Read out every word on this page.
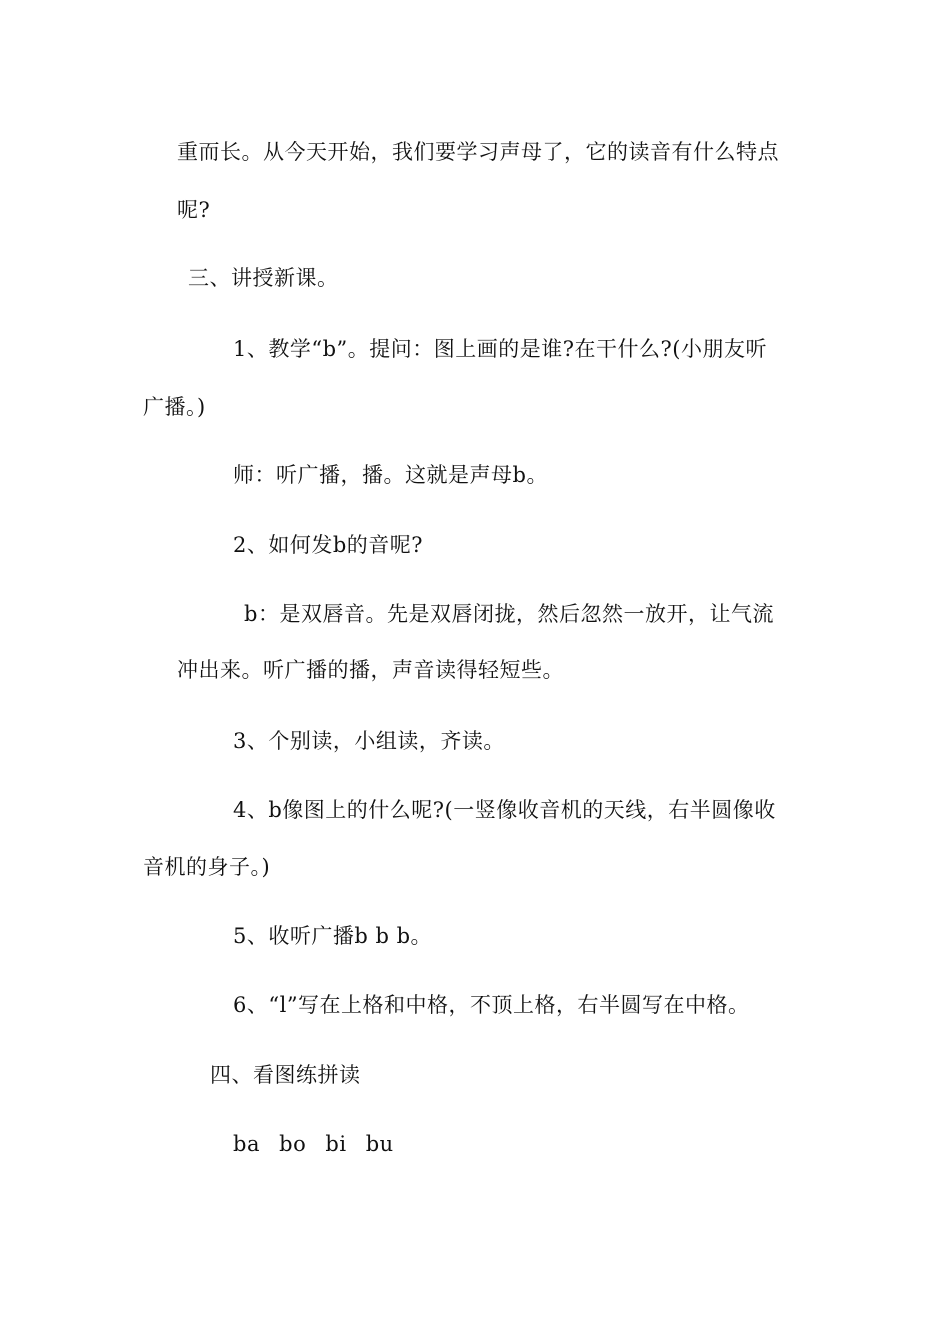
重而长。从今天开始，我们要学习声母了，它的读音有什么特点
呢?
三、讲授新课。
1、教学“b”。提问：图上画的是谁?在干什么?(小朋友听
广播。)
师：听广播，播。这就是声母b。
2、如何发b的音呢?
b：是双唇音。先是双唇闭拢，然后忽然一放开，让气流
冲出来。听广播的播，声音读得轻短些。
3、个别读，小组读，齐读。
4、b像图上的什么呢?(一竖像收音机的天线，右半圆像收
音机的身子。)
5、收听广播b b b。
6、“l”写在上格和中格，不顶上格，右半圆写在中格。
四、看图练拼读
ba bo bi bu
